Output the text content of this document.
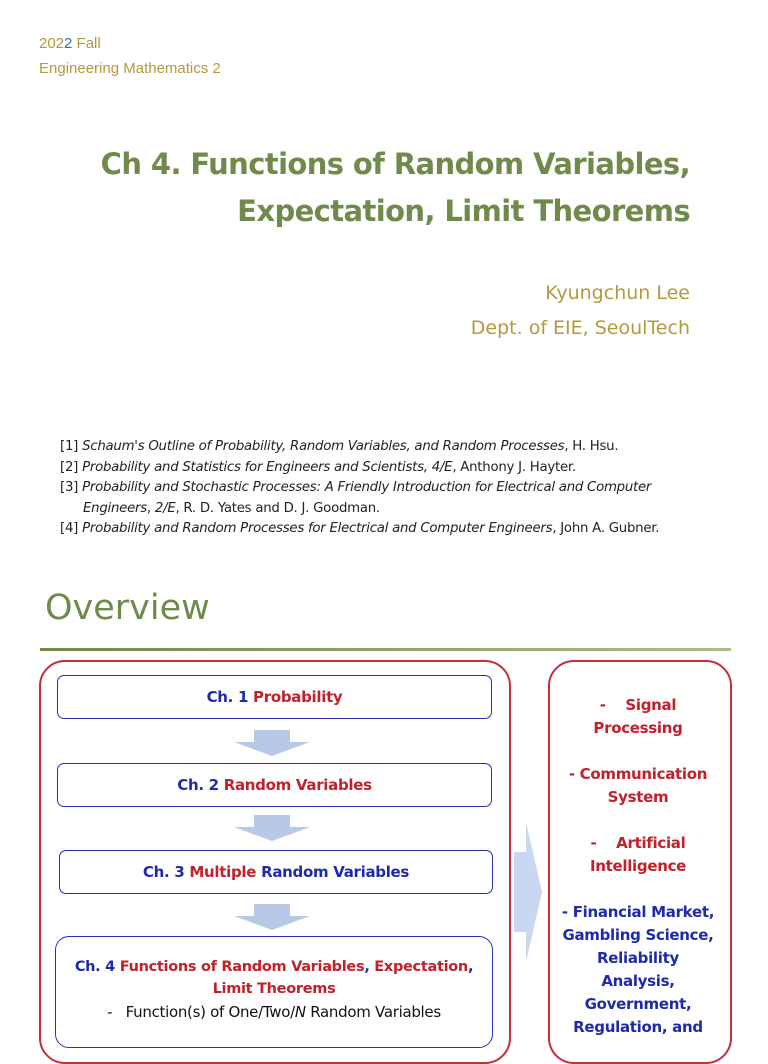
2022 Fall
Engineering Mathematics 2
Ch 4. Functions of Random Variables,
Expectation, Limit Theorems
Kyungchun Lee
Dept. of EIE, SeoulTech
[1] Schaum's Outline of Probability, Random Variables, and Random Processes, H. Hsu.
[2] Probability and Statistics for Engineers and Scientists, 4/E, Anthony J. Hayter.
[3] Probability and Stochastic Processes: A Friendly Introduction for Electrical and Computer
Engineers, 2/E, R. D. Yates and D. J. Goodman.
[4] Probability and Random Processes for Electrical and Computer Engineers, John A. Gubner.
Overview
Ch. 1
Probability
Ch. 2
Random Variables
Ch. 3
Multiple
Random Variables
Ch. 4 Functions of Random Variables, Expectation,
Limit Theorems
- Function(s) of One/Two/N Random Variables
-    Signal
Processing
- Communication
System
-    Artificial
Intelligence
- Financial Market,
Gambling Science,
Reliability
Analysis,
Government,
Regulation, and
